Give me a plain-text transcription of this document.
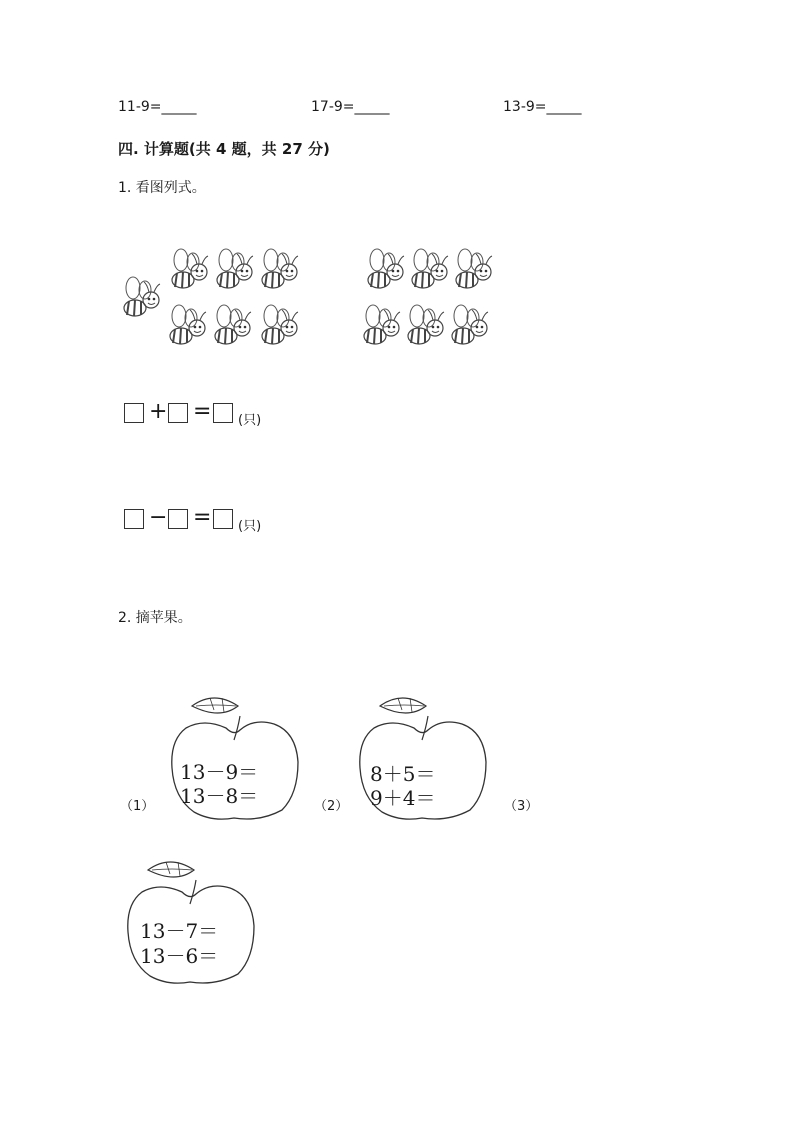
11-9=_____	17-9=_____	13-9=_____
四. 计算题(共 4 题，共 27 分)
1. 看图列式。
+ = (只)
− = (只)
2. 摘苹果。
13－9＝
13－8＝
（1）
8＋5＝
9＋4＝
（2）	（3）
13－7＝
13－6＝
